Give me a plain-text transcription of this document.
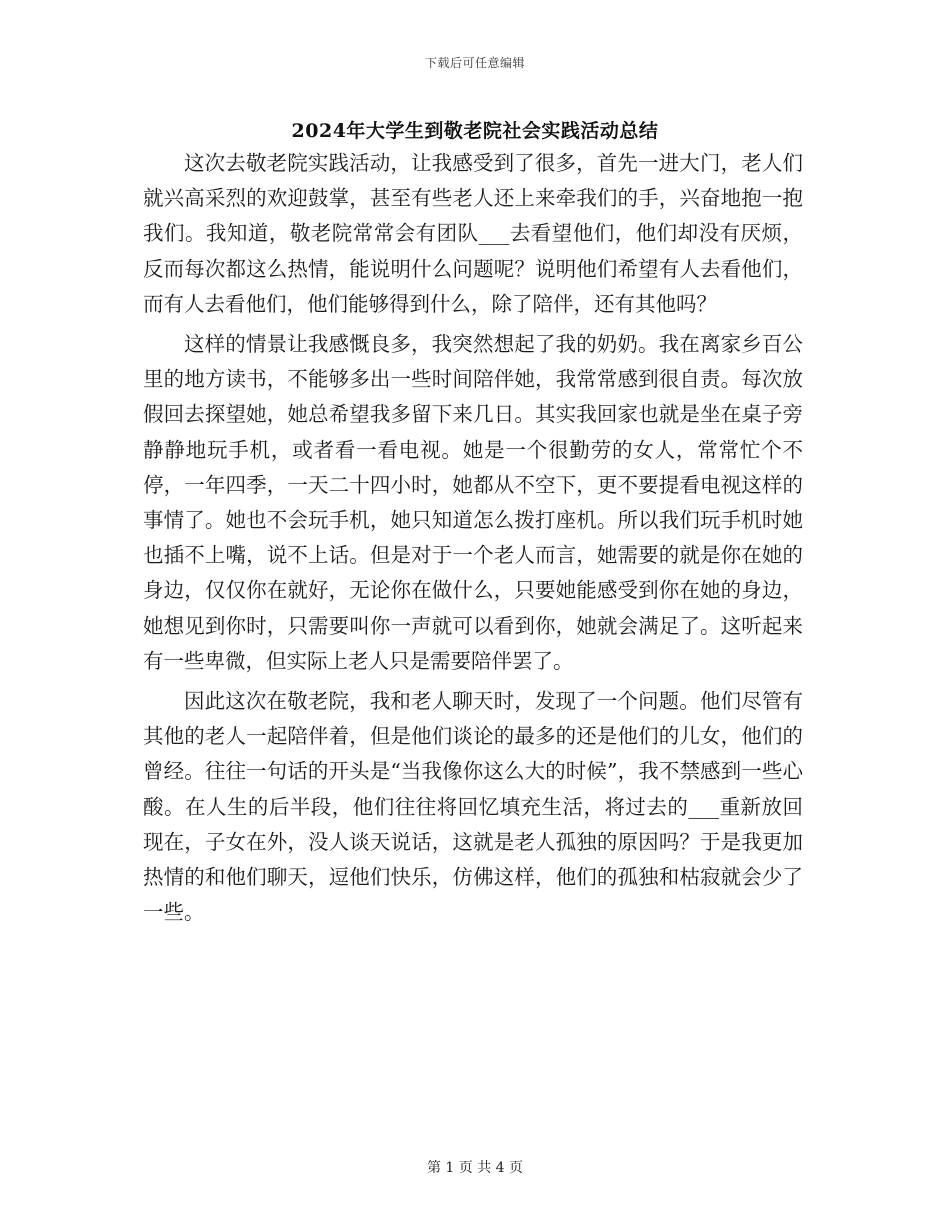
下载后可任意编辑
2024年大学生到敬老院社会实践活动总结

这次去敬老院实践活动，让我感受到了很多，首先一进大门，老人们就兴高采烈的欢迎鼓掌，甚至有些老人还上来牵我们的手，兴奋地抱一抱我们。我知道，敬老院常常会有团队___去看望他们，他们却没有厌烦，反而每次都这么热情，能说明什么问题呢？说明他们希望有人去看他们，而有人去看他们，他们能够得到什么，除了陪伴，还有其他吗？

这样的情景让我感慨良多，我突然想起了我的奶奶。我在离家乡百公里的地方读书，不能够多出一些时间陪伴她，我常常感到很自责。每次放假回去探望她，她总希望我多留下来几日。其实我回家也就是坐在桌子旁静静地玩手机，或者看一看电视。她是一个很勤劳的女人，常常忙个不停，一年四季，一天二十四小时，她都从不空下，更不要提看电视这样的事情了。她也不会玩手机，她只知道怎么拨打座机。所以我们玩手机时她也插不上嘴，说不上话。但是对于一个老人而言，她需要的就是你在她的身边，仅仅你在就好，无论你在做什么，只要她能感受到你在她的身边，她想见到你时，只需要叫你一声就可以看到你，她就会满足了。这听起来有一些卑微，但实际上老人只是需要陪伴罢了。

因此这次在敬老院，我和老人聊天时，发现了一个问题。他们尽管有其他的老人一起陪伴着，但是他们谈论的最多的还是他们的儿女，他们的曾经。往往一句话的开头是“当我像你这么大的时候”，我不禁感到一些心酸。在人生的后半段，他们往往将回忆填充生活，将过去的___重新放回现在，子女在外，没人谈天说话，这就是老人孤独的原因吗？于是我更加热情的和他们聊天，逗他们快乐，仿佛这样，他们的孤独和枯寂就会少了一些。

第 1 页 共 4 页
